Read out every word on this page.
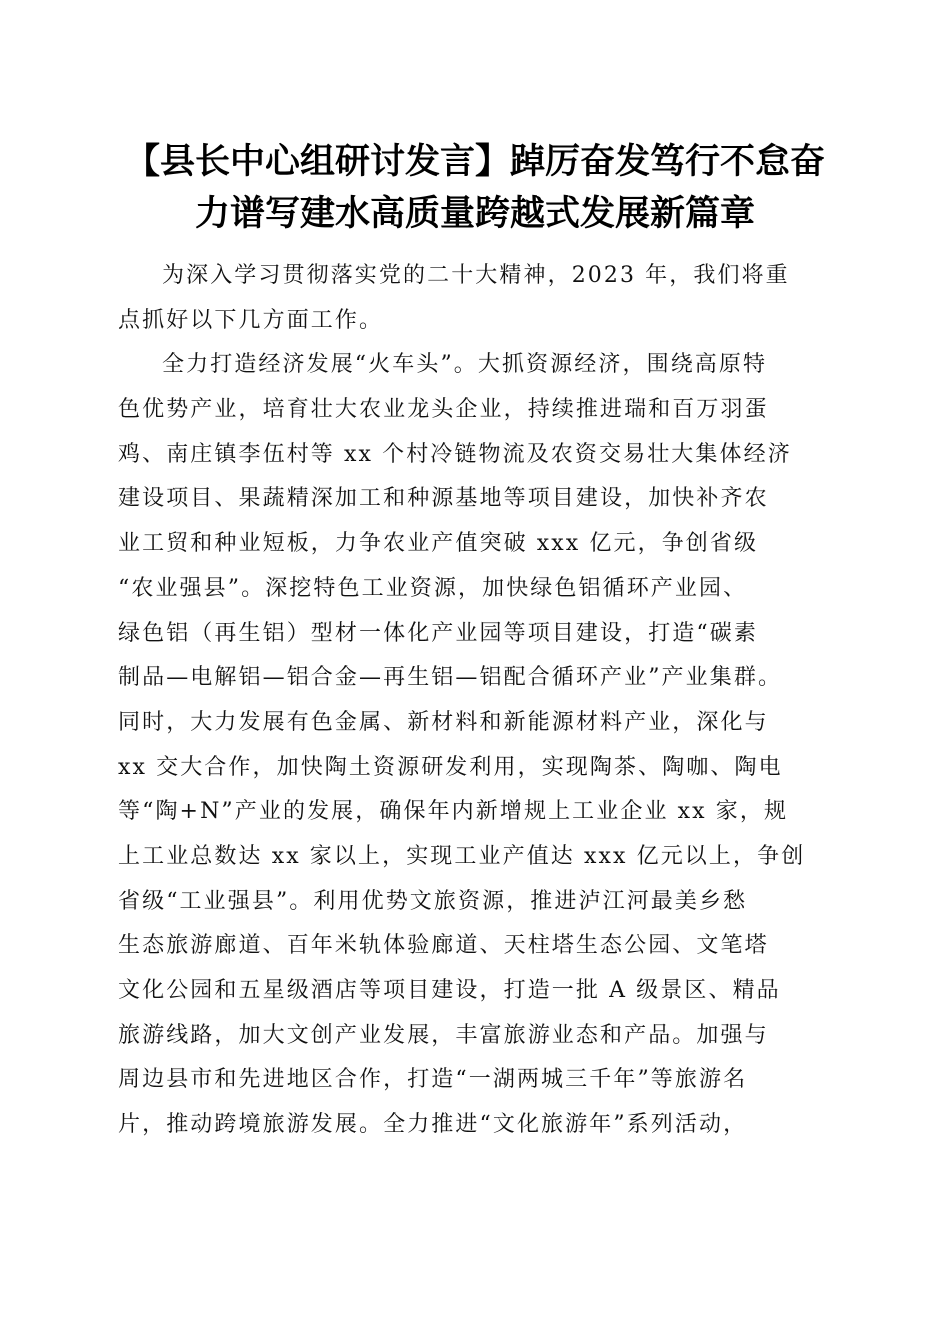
【县长中心组研讨发言】踔厉奋发笃行不怠奋
力谱写建水高质量跨越式发展新篇章
为深入学习贯彻落实党的二十大精神，2023 年，我们将重
点抓好以下几方面工作。
全力打造经济发展“火车头”。大抓资源经济，围绕高原特
色优势产业，培育壮大农业龙头企业，持续推进瑞和百万羽蛋
鸡、南庄镇李伍村等 xx 个村冷链物流及农资交易壮大集体经济
建设项目、果蔬精深加工和种源基地等项目建设，加快补齐农
业工贸和种业短板，力争农业产值突破 xxx 亿元，争创省级
“农业强县”。深挖特色工业资源，加快绿色铝循环产业园、
绿色铝（再生铝）型材一体化产业园等项目建设，打造“碳素
制品—电解铝—铝合金—再生铝—铝配合循环产业”产业集群。
同时，大力发展有色金属、新材料和新能源材料产业，深化与
xx 交大合作，加快陶土资源研发利用，实现陶茶、陶咖、陶电
等“陶+N”产业的发展，确保年内新增规上工业企业 xx 家，规
上工业总数达 xx 家以上，实现工业产值达 xxx 亿元以上，争创
省级“工业强县”。利用优势文旅资源，推进泸江河最美乡愁
生态旅游廊道、百年米轨体验廊道、天柱塔生态公园、文笔塔
文化公园和五星级酒店等项目建设，打造一批 A 级景区、精品
旅游线路，加大文创产业发展，丰富旅游业态和产品。加强与
周边县市和先进地区合作，打造“一湖两城三千年”等旅游名
片，推动跨境旅游发展。全力推进“文化旅游年”系列活动，
